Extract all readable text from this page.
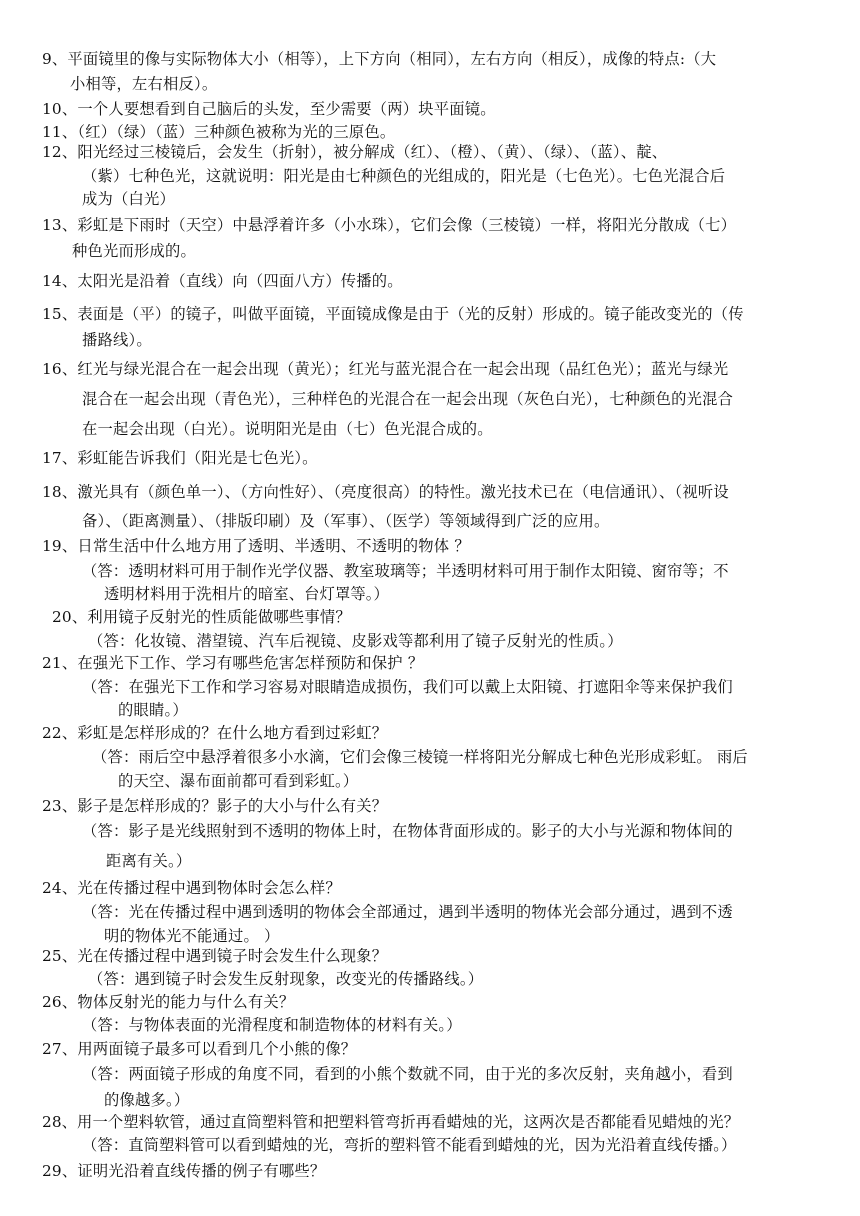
9、平面镜里的像与实际物体大小（相等），上下方向（相同），左右方向（相反），成像的特点:（大
小相等，左右相反）。
10、一个人要想看到自己脑后的头发，至少需要（两）块平面镜。
11、（红）（绿）（蓝）三种颜色被称为光的三原色。
12、阳光经过三棱镜后，会发生（折射），被分解成（红）、（橙）、（黄）、（绿）、（蓝）、靛、
（紫）七种色光，这就说明：阳光是由七种颜色的光组成的，阳光是（七色光）。七色光混合后
成为（白光）
13、彩虹是下雨时（天空）中悬浮着许多（小水珠），它们会像（三棱镜）一样，将阳光分散成（七）
种色光而形成的。
14、太阳光是沿着（直线）向（四面八方）传播的。
15、表面是（平）的镜子，叫做平面镜，平面镜成像是由于（光的反射）形成的。镜子能改变光的（传
播路线）。
16、红光与绿光混合在一起会出现（黄光）；红光与蓝光混合在一起会出现（品红色光）；蓝光与绿光
混合在一起会出现（青色光），三种样色的光混合在一起会出现（灰色白光），七种颜色的光混合
在一起会出现（白光）。说明阳光是由（七）色光混合成的。
17、彩虹能告诉我们（阳光是七色光）。
18、激光具有（颜色单一）、（方向性好）、（亮度很高）的特性。激光技术已在（电信通讯）、（视听设
备）、（距离测量）、（排版印刷）及（军事）、（医学）等领域得到广泛的应用。
19、日常生活中什么地方用了透明、半透明、不透明的物体 ？
（答：透明材料可用于制作光学仪器、教室玻璃等；半透明材料可用于制作太阳镜、窗帘等；不
透明材料用于洗相片的暗室、台灯罩等。）
20、利用镜子反射光的性质能做哪些事情？
（答：化妆镜、潜望镜、汽车后视镜、皮影戏等都利用了镜子反射光的性质。）
21、在强光下工作、学习有哪些危害怎样预防和保护 ？
（答：在强光下工作和学习容易对眼睛造成损伤，我们可以戴上太阳镜、打遮阳伞等来保护我们
的眼睛。）
22、彩虹是怎样形成的？在什么地方看到过彩虹？
（答：雨后空中悬浮着很多小水滴，它们会像三棱镜一样将阳光分解成七种色光形成彩虹。 雨后
的天空、瀑布面前都可看到彩虹。）
23、影子是怎样形成的？影子的大小与什么有关？
（答：影子是光线照射到不透明的物体上时，在物体背面形成的。影子的大小与光源和物体间的
距离有关。）
24、光在传播过程中遇到物体时会怎么样？
（答：光在传播过程中遇到透明的物体会全部通过，遇到半透明的物体光会部分通过，遇到不透
明的物体光不能通过。 ）
25、光在传播过程中遇到镜子时会发生什么现象？
（答：遇到镜子时会发生反射现象，改变光的传播路线。）
26、物体反射光的能力与什么有关？
（答：与物体表面的光滑程度和制造物体的材料有关。）
27、用两面镜子最多可以看到几个小熊的像？
（答：两面镜子形成的角度不同，看到的小熊个数就不同，由于光的多次反射，夹角越小，看到
的像越多。）
28、用一个塑料软管，通过直筒塑料管和把塑料管弯折再看蜡烛的光，这两次是否都能看见蜡烛的光？
（答：直筒塑料管可以看到蜡烛的光，弯折的塑料管不能看到蜡烛的光，因为光沿着直线传播。）
29、证明光沿着直线传播的例子有哪些？
